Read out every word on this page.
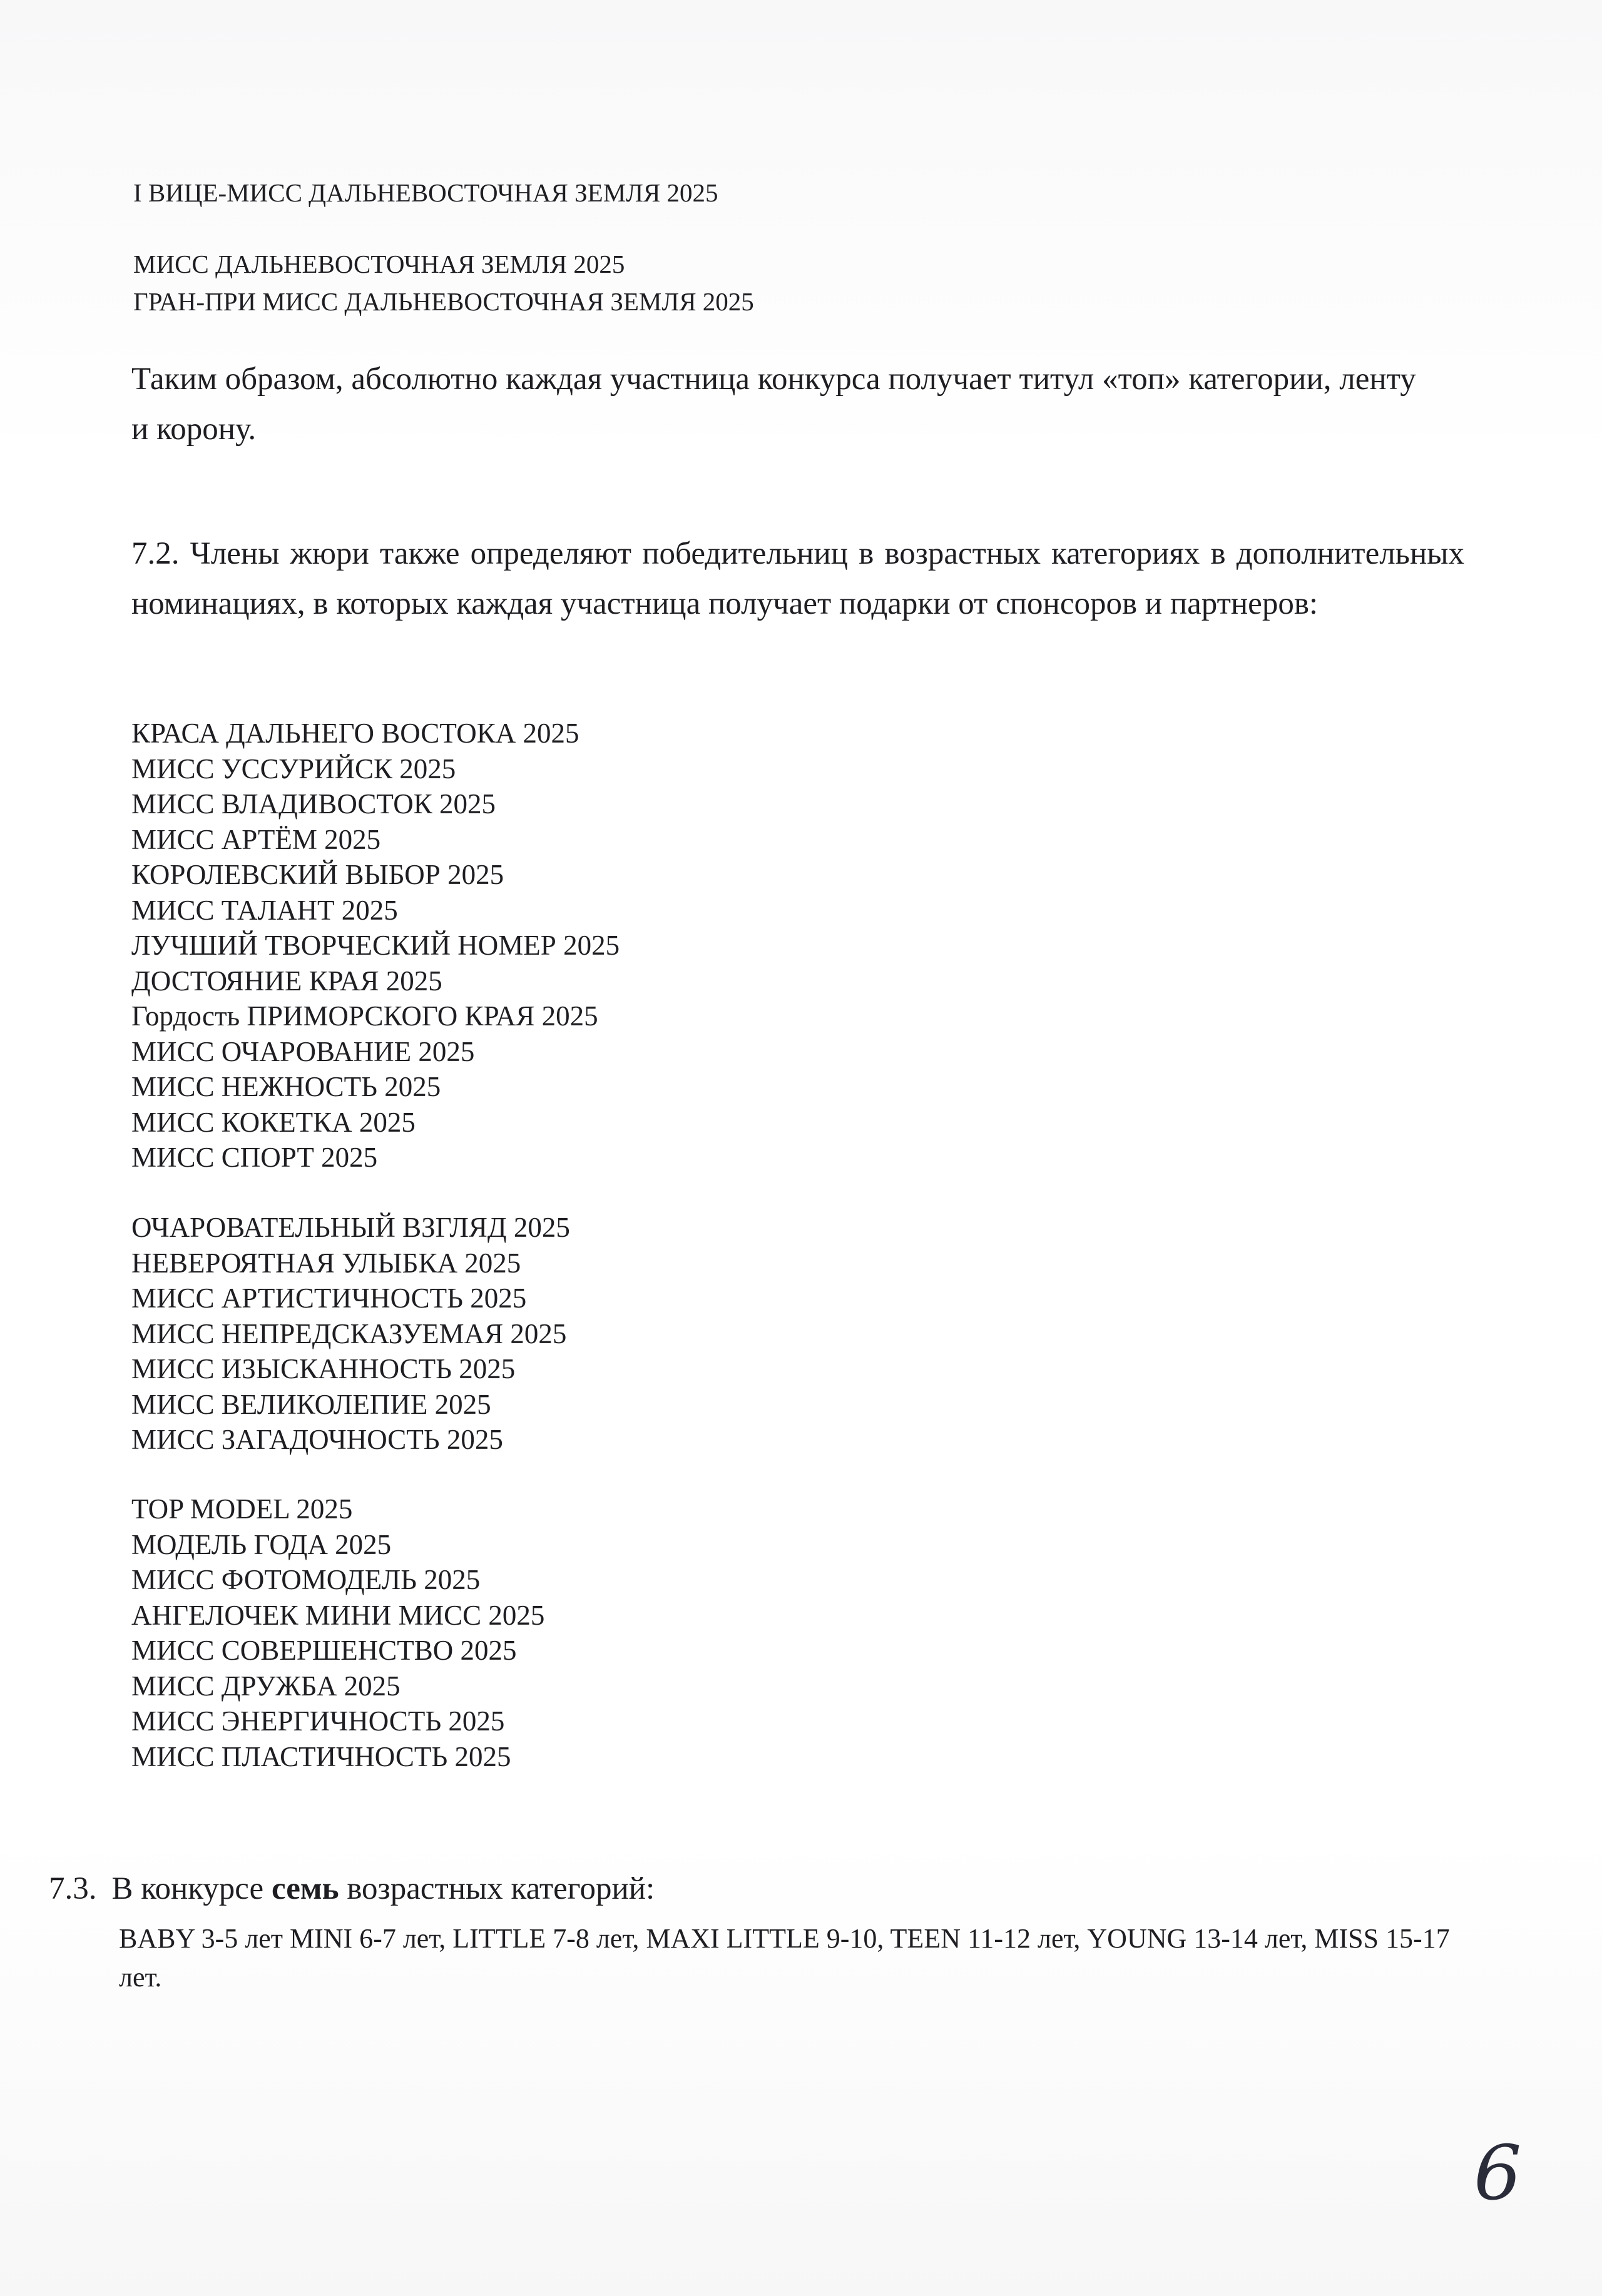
I ВИЦЕ-МИСС ДАЛЬНЕВОСТОЧНАЯ ЗЕМЛЯ 2025
МИСС ДАЛЬНЕВОСТОЧНАЯ ЗЕМЛЯ 2025
ГРАН-ПРИ МИСС ДАЛЬНЕВОСТОЧНАЯ ЗЕМЛЯ 2025
Таким образом, абсолютно каждая участница конкурса получает титул «топ» категории, ленту и корону.
7.2. Члены жюри также определяют победительниц в возрастных категориях в дополнительных номинациях, в которых каждая участница получает подарки от спонсоров и партнеров:
КРАСА ДАЛЬНЕГО ВОСТОКА 2025
МИСС УССУРИЙСК 2025
МИСС ВЛАДИВОСТОК 2025
МИСС АРТЁМ 2025
КОРОЛЕВСКИЙ ВЫБОР 2025
МИСС ТАЛАНТ 2025
ЛУЧШИЙ ТВОРЧЕСКИЙ НОМЕР 2025
ДОСТОЯНИЕ КРАЯ 2025
Гордость ПРИМОРСКОГО КРАЯ 2025
МИСС ОЧАРОВАНИЕ 2025
МИСС НЕЖНОСТЬ 2025
МИСС КОКЕТКА 2025
МИСС СПОРТ 2025
ОЧАРОВАТЕЛЬНЫЙ ВЗГЛЯД 2025
НЕВЕРОЯТНАЯ УЛЫБКА 2025
МИСС АРТИСТИЧНОСТЬ 2025
МИСС НЕПРЕДСКАЗУЕМАЯ 2025
МИСС ИЗЫСКАННОСТЬ 2025
МИСС ВЕЛИКОЛЕПИЕ 2025
МИСС ЗАГАДОЧНОСТЬ 2025
TOP MODEL 2025
МОДЕЛЬ ГОДА 2025
МИСС ФОТОМОДЕЛЬ 2025
АНГЕЛОЧЕК МИНИ МИСС 2025
МИСС СОВЕРШЕНСТВО 2025
МИСС ДРУЖБА 2025
МИСС ЭНЕРГИЧНОСТЬ 2025
МИСС ПЛАСТИЧНОСТЬ 2025
7.3. В конкурсе семь возрастных категорий:
BABY 3-5 лет MINI 6-7 лет, LITTLE 7-8 лет, MAXI LITTLE 9-10, TEEN 11-12 лет, YOUNG 13-14 лет, MISS 15-17 лет.
6
